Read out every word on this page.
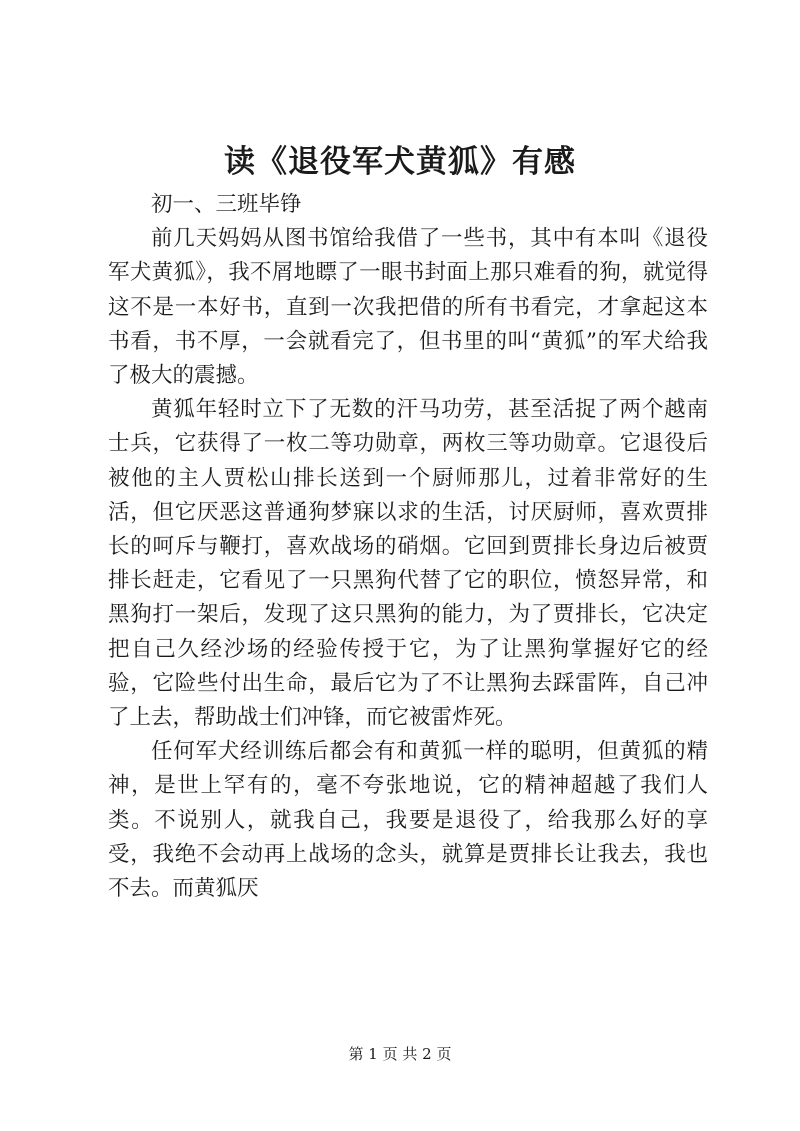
读《退役军犬黄狐》有感

初一、三班毕铮

前几天妈妈从图书馆给我借了一些书，其中有本叫《退役军犬黄狐》，我不屑地瞟了一眼书封面上那只难看的狗，就觉得这不是一本好书，直到一次我把借的所有书看完，才拿起这本书看，书不厚，一会就看完了，但书里的叫“黄狐”的军犬给我了极大的震撼。

黄狐年轻时立下了无数的汗马功劳，甚至活捉了两个越南士兵，它获得了一枚二等功勋章，两枚三等功勋章。它退役后被他的主人贾松山排长送到一个厨师那儿，过着非常好的生活，但它厌恶这普通狗梦寐以求的生活，讨厌厨师，喜欢贾排长的呵斥与鞭打，喜欢战场的硝烟。它回到贾排长身边后被贾排长赶走，它看见了一只黑狗代替了它的职位，愤怒异常，和黑狗打一架后，发现了这只黑狗的能力，为了贾排长，它决定把自己久经沙场的经验传授于它，为了让黑狗掌握好它的经验，它险些付出生命，最后它为了不让黑狗去踩雷阵，自己冲了上去，帮助战士们冲锋，而它被雷炸死。

任何军犬经训练后都会有和黄狐一样的聪明，但黄狐的精神，是世上罕有的，毫不夸张地说，它的精神超越了我们人类。不说别人，就我自己，我要是退役了，给我那么好的享受，我绝不会动再上战场的念头，就算是贾排长让我去，我也不去。而黄狐厌

第 1 页 共 2 页
